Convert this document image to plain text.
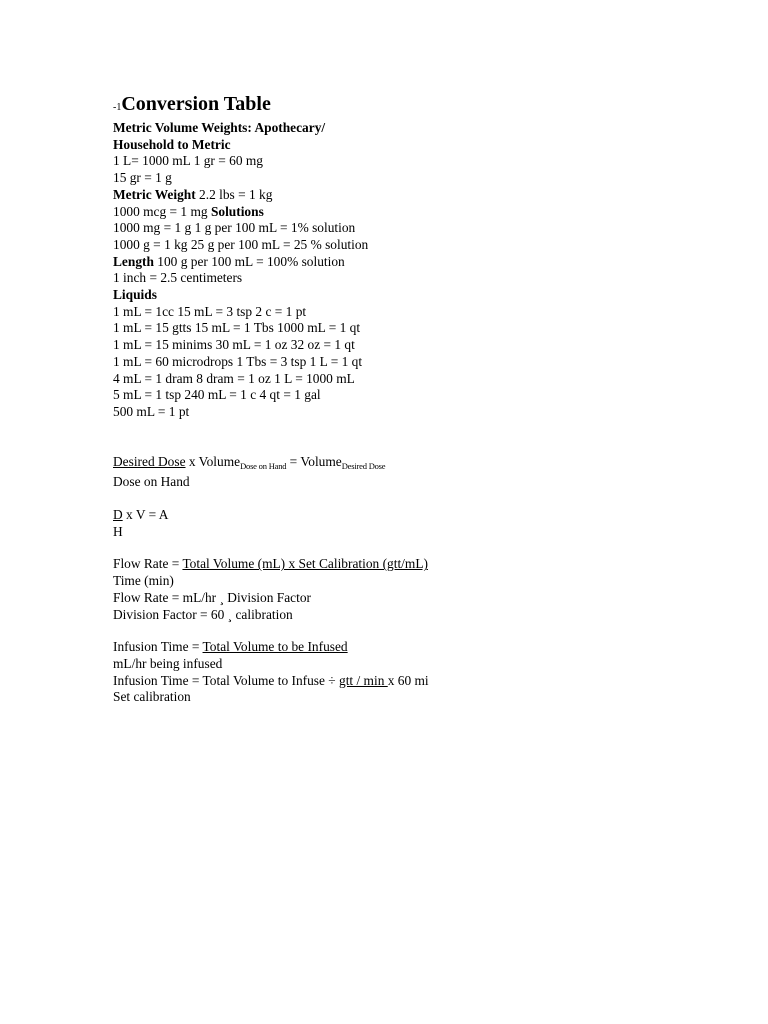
-1Conversion Table
Metric Volume Weights: Apothecary/
Household to Metric
1 L= 1000 mL 1 gr = 60 mg
15 gr = 1 g
Metric Weight 2.2 lbs = 1 kg
1000 mcg = 1 mg Solutions
1000 mg = 1 g 1 g per 100 mL = 1% solution
1000 g = 1 kg 25 g per 100 mL = 25 % solution
Length 100 g per 100 mL = 100% solution
1 inch = 2.5 centimeters
Liquids
1 mL = 1cc 15 mL = 3 tsp 2 c = 1 pt
1 mL = 15 gtts 15 mL = 1 Tbs 1000 mL = 1 qt
1 mL = 15 minims 30 mL = 1 oz 32 oz = 1 qt
1 mL = 60 microdrops 1 Tbs = 3 tsp 1 L = 1 qt
4 mL = 1 dram 8 dram = 1 oz 1 L = 1000 mL
5 mL = 1 tsp 240 mL = 1 c 4 qt = 1 gal
500 mL = 1 pt
Desired Dose x Volume$_{Dose on Hand}$ = Volume$_{Desired Dose}$
Dose on Hand
D x V = A
H
Flow Rate = Total Volume (mL) x Set Calibration (gtt/mL)
Time (min)
Flow Rate = mL/hr ¸ Division Factor
Division Factor = 60 ¸ calibration
Infusion Time = Total Volume to be Infused
mL/hr being infused
Infusion Time = Total Volume to Infuse ÷ gtt / min x 60 mi
Set calibration
